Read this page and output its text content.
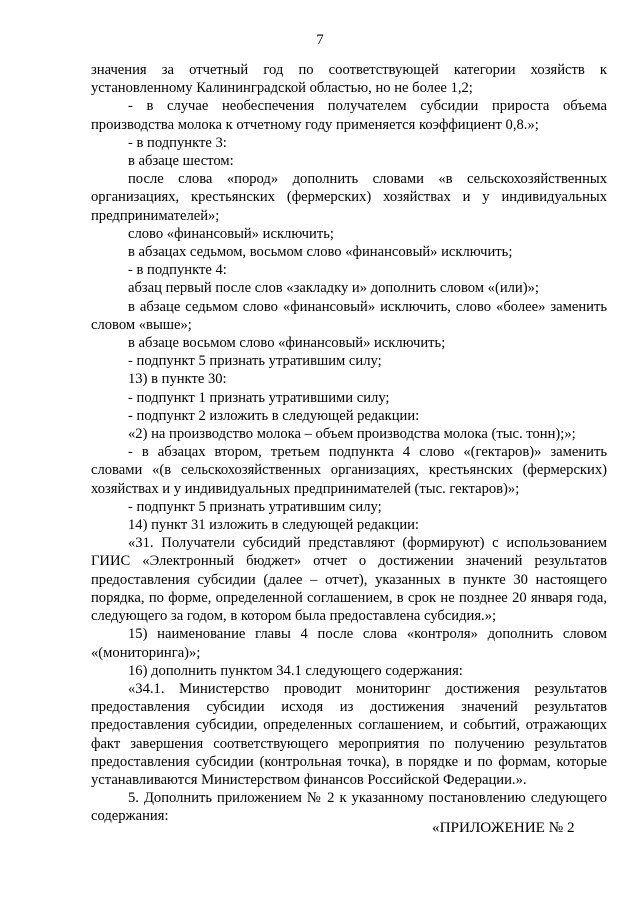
7

значения за отчетный год по соответствующей категории хозяйств к установленному Калининградской областью, но не более 1,2;

- в случае необеспечения получателем субсидии прироста объема производства молока к отчетному году применяется коэффициент 0,8.»;

- в подпункте 3:

в абзаце шестом:

после слова «пород» дополнить словами «в сельскохозяйственных организациях, крестьянских (фермерских) хозяйствах и у индивидуальных предпринимателей»;

слово «финансовый» исключить;

в абзацах седьмом, восьмом слово «финансовый» исключить;

- в подпункте 4:

абзац первый после слов «закладку и» дополнить словом «(или)»;

в абзаце седьмом слово «финансовый» исключить, слово «более» заменить словом «выше»;

в абзаце восьмом слово «финансовый» исключить;

- подпункт 5 признать утратившим силу;

13) в пункте 30:

- подпункт 1 признать утратившими силу;

- подпункт 2 изложить в следующей редакции:

«2) на производство молока – объем производства молока (тыс. тонн);»;

- в абзацах втором, третьем подпункта 4 слово «(гектаров)» заменить словами «(в сельскохозяйственных организациях, крестьянских (фермерских) хозяйствах и у индивидуальных предпринимателей (тыс. гектаров)»;

- подпункт 5 признать утратившим силу;

14) пункт 31 изложить в следующей редакции:

«31. Получатели субсидий представляют (формируют) с использованием ГИИС «Электронный бюджет» отчет о достижении значений результатов предоставления субсидии (далее – отчет), указанных в пункте 30 настоящего порядка, по форме, определенной соглашением, в срок не позднее 20 января года, следующего за годом, в котором была предоставлена субсидия.»;

15) наименование главы 4 после слова «контроля» дополнить словом «(мониторинга)»;

16) дополнить пунктом 34.1 следующего содержания:

«34.1. Министерство проводит мониторинг достижения результатов предоставления субсидии исходя из достижения значений результатов предоставления субсидии, определенных соглашением, и событий, отражающих факт завершения соответствующего мероприятия по получению результатов предоставления субсидии (контрольная точка), в порядке и по формам, которые устанавливаются Министерством финансов Российской Федерации.».

5. Дополнить приложением № 2 к указанному постановлению следующего содержания:

«ПРИЛОЖЕНИЕ № 2
